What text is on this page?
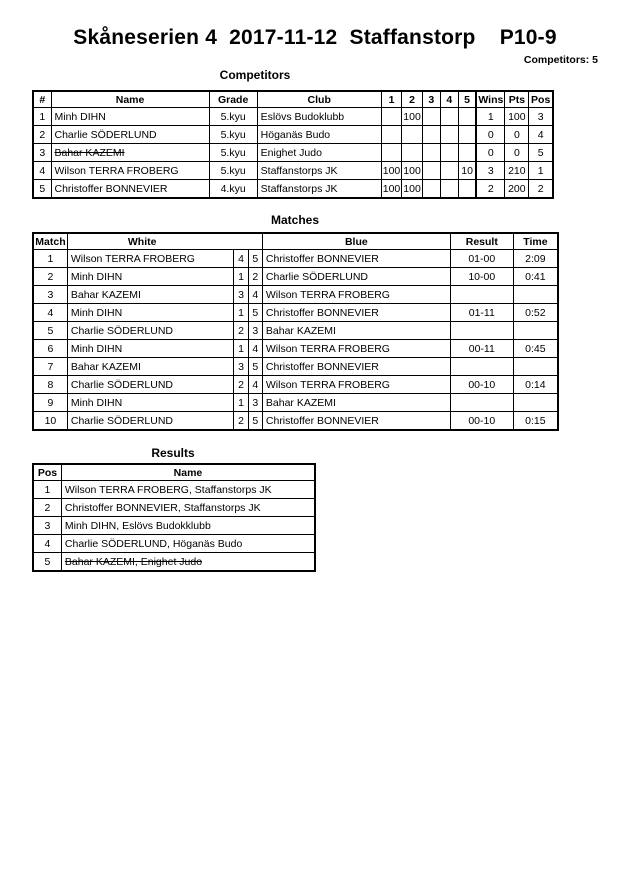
Skåneserien 4  2017-11-12  Staffanstorp    P10-9
Competitors: 5
Competitors
#	Name	Grade	Club	1	2	3	4	5	Wins	Pts	Pos
1	Minh DIHN	5.kyu	Eslövs Budoklubb		100				1	100	3
2	Charlie SÖDERLUND	5.kyu	Höganäs Budo						0	0	4
3	Bahar KAZEMI	5.kyu	Enighet Judo						0	0	5
4	Wilson TERRA FROBERG	5.kyu	Staffanstorps JK	100	100			10	3	210	1
5	Christoffer BONNEVIER	4.kyu	Staffanstorps JK	100	100				2	200	2
Matches
Match	White			Blue	Result	Time
1	Wilson TERRA FROBERG	4	5	Christoffer BONNEVIER	01-00	2:09
2	Minh DIHN	1	2	Charlie SÖDERLUND	10-00	0:41
3	Bahar KAZEMI	3	4	Wilson TERRA FROBERG		
4	Minh DIHN	1	5	Christoffer BONNEVIER	01-11	0:52
5	Charlie SÖDERLUND	2	3	Bahar KAZEMI		
6	Minh DIHN	1	4	Wilson TERRA FROBERG	00-11	0:45
7	Bahar KAZEMI	3	5	Christoffer BONNEVIER		
8	Charlie SÖDERLUND	2	4	Wilson TERRA FROBERG	00-10	0:14
9	Minh DIHN	1	3	Bahar KAZEMI		
10	Charlie SÖDERLUND	2	5	Christoffer BONNEVIER	00-10	0:15
Results
Pos	Name
1	Wilson TERRA FROBERG, Staffanstorps JK
2	Christoffer BONNEVIER, Staffanstorps JK
3	Minh DIHN, Eslövs Budokklubb
4	Charlie SÖDERLUND, Höganäs Budo
5	Bahar KAZEMI, Enighet Judo
